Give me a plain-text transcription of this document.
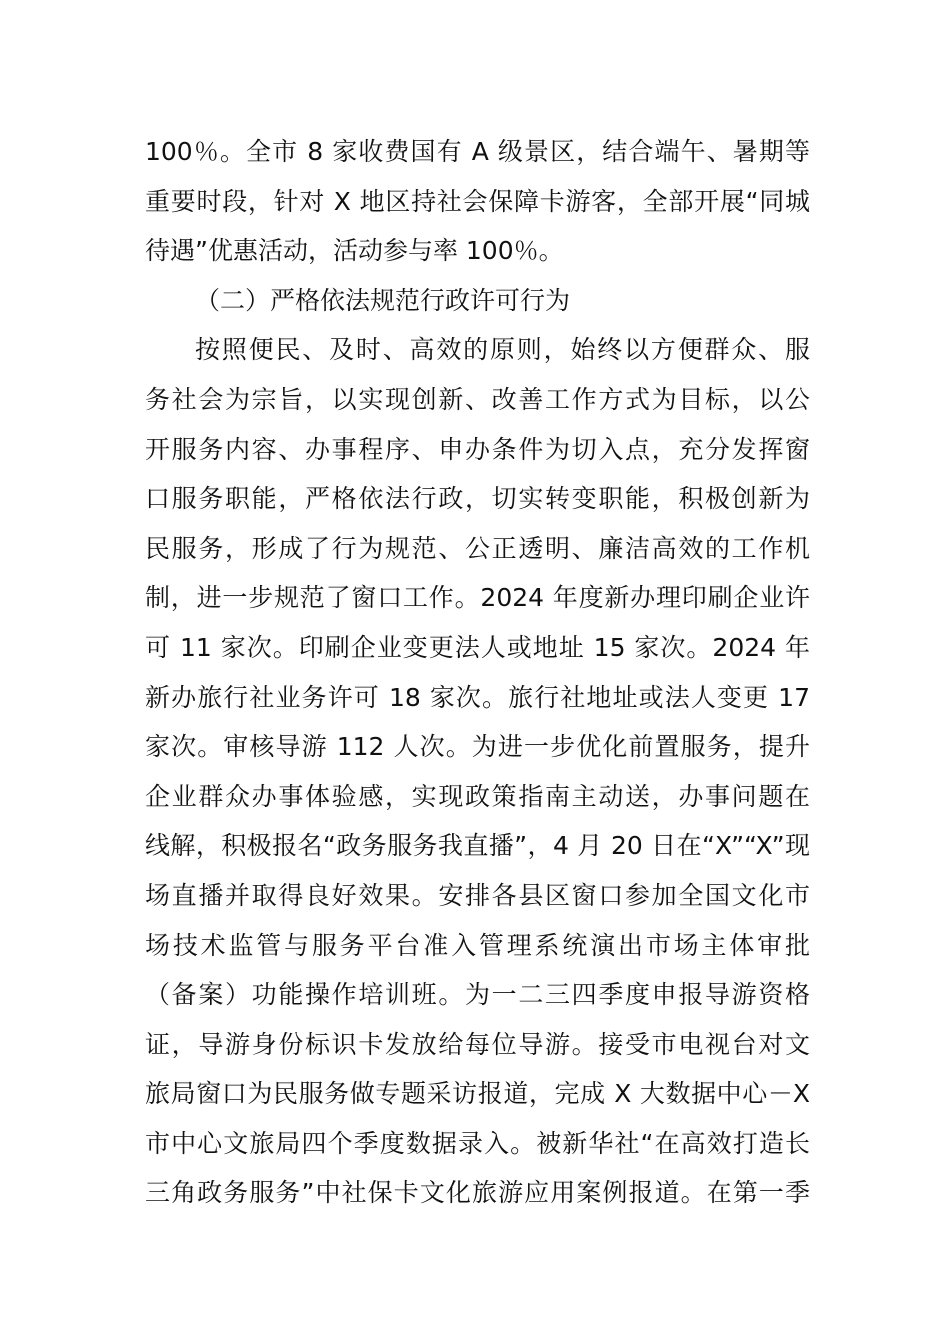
100％。全市 8 家收费国有 A 级景区，结合端午、暑期等
重要时段，针对 X 地区持社会保障卡游客，全部开展“同城
待遇”优惠活动，活动参与率 100％。
（二）严格依法规范行政许可行为
按照便民、及时、高效的原则，始终以方便群众、服
务社会为宗旨，以实现创新、改善工作方式为目标，以公
开服务内容、办事程序、申办条件为切入点，充分发挥窗
口服务职能，严格依法行政，切实转变职能，积极创新为
民服务，形成了行为规范、公正透明、廉洁高效的工作机
制，进一步规范了窗口工作。2024 年度新办理印刷企业许
可 11 家次。印刷企业变更法人或地址 15 家次。2024 年
新办旅行社业务许可 18 家次。旅行社地址或法人变更 17
家次。审核导游 112 人次。为进一步优化前置服务，提升
企业群众办事体验感，实现政策指南主动送，办事问题在
线解，积极报名“政务服务我直播”，4 月 20 日在“X”“X”现
场直播并取得良好效果。安排各县区窗口参加全国文化市
场技术监管与服务平台准入管理系统演出市场主体审批
（备案）功能操作培训班。为一二三四季度申报导游资格
证，导游身份标识卡发放给每位导游。接受市电视台对文
旅局窗口为民服务做专题采访报道，完成 X 大数据中心－X
市中心文旅局四个季度数据录入。被新华社“在高效打造长
三角政务服务”中社保卡文化旅游应用案例报道。在第一季
